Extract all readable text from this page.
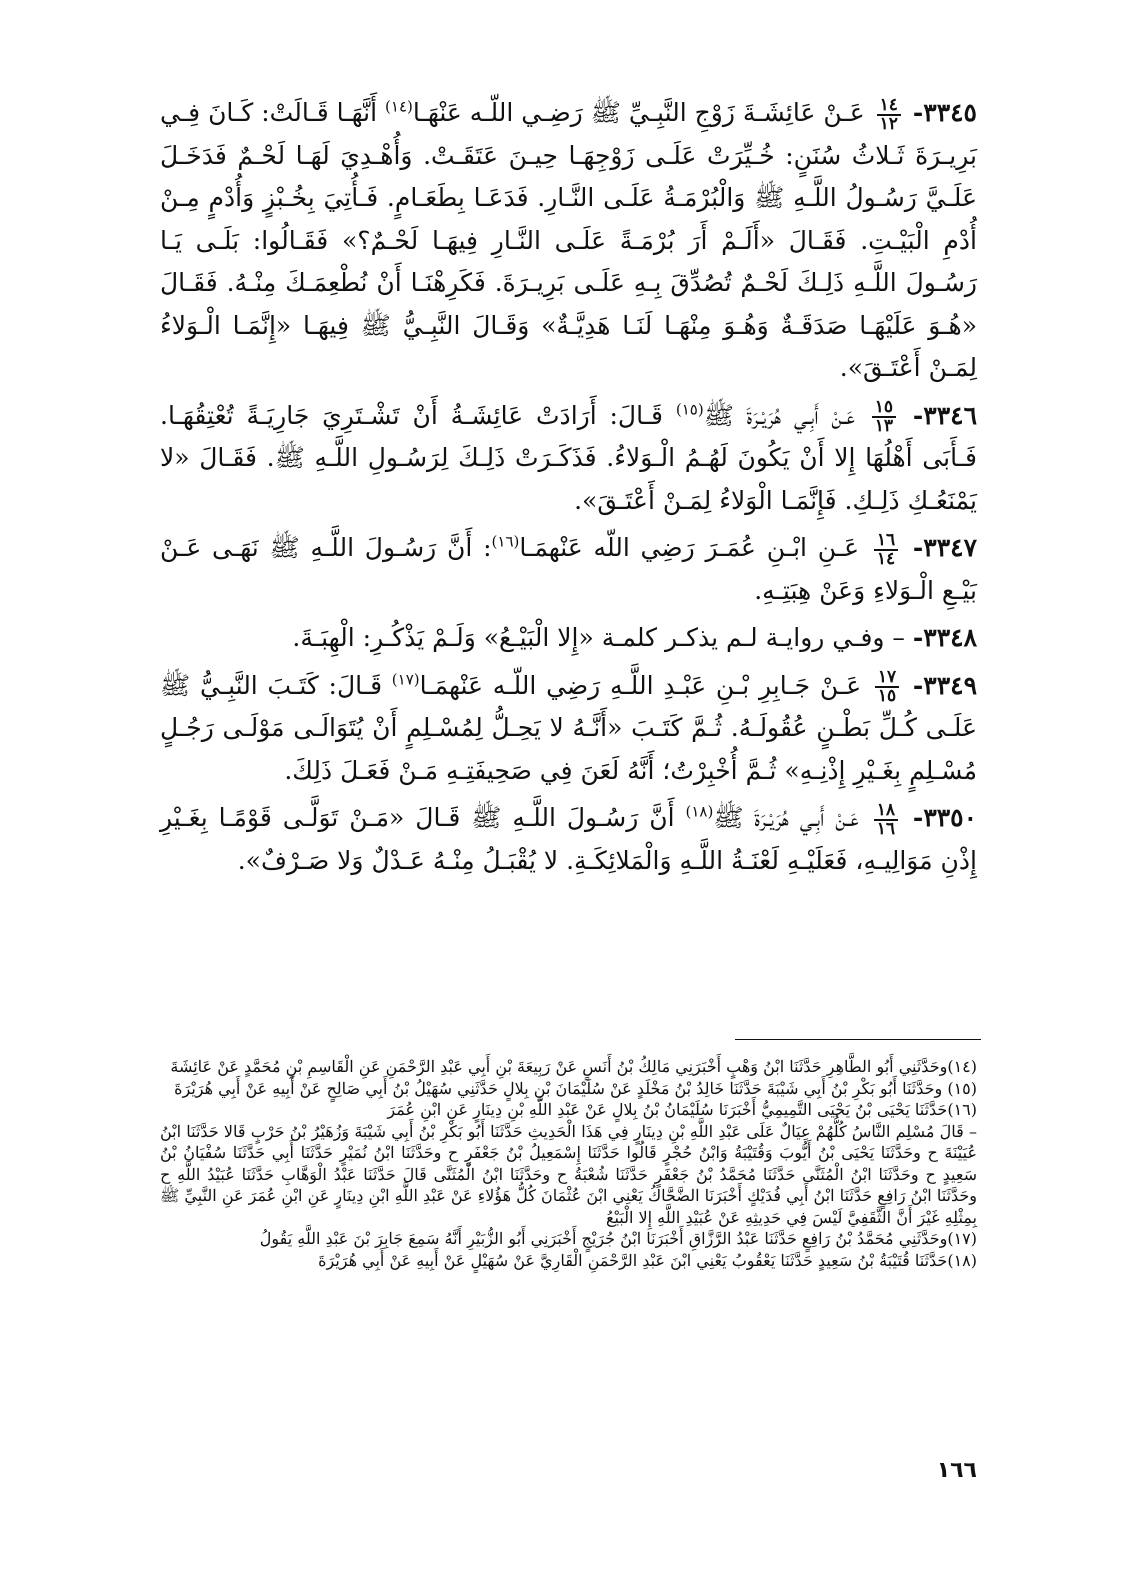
٣٣٤٥-
$\frac{١٤}{١٢}$
عَـنْ عَائِشَـةَ زَوْجِ النَّبِـيِّ ﷺ رَضِـي اللّـه عَنْهَـا$^{(١٤)}$ أَنَّهَـا قَـالَتْ: كَـانَ فِـي بَرِيـرَةَ ثَـلاثُ سُنَنٍ: خُـيِّرَتْ عَلَـى زَوْجِهَـا حِيـنَ عَتَقَـتْ. وَأُهْـدِيَ لَهَـا لَحْـمٌ فَدَخَـلَ عَلَـيَّ رَسُـولُ اللَّـهِ ﷺ وَالْبُرْمَـةُ عَلَـى النَّـارِ. فَدَعَـا بِطَعَـامٍ. فَـأُتِيَ بِخُـبْزٍ وَأُدْمٍ مِـنْ أُدْمِ الْبَيْـتِ. فَقَـالَ «أَلَـمْ أَرَ بُرْمَـةً عَلَـى النَّـارِ فِيهَـا لَحْـمٌ؟» فَقَـالُوا: بَلَـى يَـا رَسُـولَ اللَّـهِ ذَلِـكَ لَحْـمٌ تُصُدِّقَ بِـهِ عَلَـى بَرِيـرَةَ. فَكَرِهْنَـا أَنْ نُطْعِمَـكَ مِنْـهُ. فَقَـالَ «هُـوَ عَلَيْهَـا صَدَقَـةٌ وَهُـوَ مِنْهَـا لَنَـا هَدِيَّـةٌ» وَقَـالَ النَّبِـيُّ ﷺ فِيهَـا «إِنَّمَـا الْـوَلاءُ لِمَـنْ أَعْتَـقَ».

٣٣٤٦-
$\frac{١٥}{١٣}$
عَـنْ أَبِـي هُرَيْـرَةَ ﷺ$^{(١٥)}$ قَـالَ: أَرَادَتْ عَائِشَـةُ أَنْ تَشْـتَرِيَ جَارِيَـةً تُعْتِقُهَـا. فَـأَبَى أَهْلُهَا إِلا أَنْ يَكُونَ لَهُـمُ الْـوَلاءُ. فَذَكَـرَتْ ذَلِـكَ لِرَسُـولِ اللَّـهِ ﷺ. فَقَـالَ «لا يَمْنَعُـكِ ذَلِـكِ. فَإِنَّمَـا الْوَلاءُ لِمَـنْ أَعْتَـقَ».

٣٣٤٧-
$\frac{١٦}{١٤}$
عَـنِ ابْـنِ عُمَـرَ رَضِي اللّه عَنْهمَـا$^{(١٦)}$: أَنَّ رَسُـولَ اللَّـهِ ﷺ نَهَـى عَـنْ بَيْـعِ الْـوَلاءِ وَعَنْ هِبَتِـهِ.

٣٣٤٨- – وفـي روايـة لـم يذكـر كلمـة «إِلا الْبَيْـعُ» وَلَـمْ يَذْكُـرِ: الْهِبَـةَ.

٣٣٤٩-
$\frac{١٧}{١٥}$
عَـنْ جَـابِرِ بْـنِ عَبْـدِ اللَّـهِ رَضِي اللّـه عَنْهمَـا$^{(١٧)}$ قَـالَ: كَتَـبَ النَّبِـيُّ ﷺ عَلَـى كُـلِّ بَطْـنٍ عُقُولَـهُ. ثُـمَّ كَتَـبَ «أَنَّـهُ لا يَحِـلُّ لِمُسْـلِمٍ أَنْ يُتَوَالَـى مَوْلَـى رَجُـلٍ مُسْـلِمٍ بِغَـيْرِ إِذْنِـهِ» ثُـمَّ أُخْبِرْتُ؛ أَنَّهُ لَعَنَ فِي صَحِيفَتِـهِ مَـنْ فَعَـلَ ذَلِكَ.

٣٣٥٠-
$\frac{١٨}{١٦}$
عَـنْ أَبِـي هُرَيْـرَةَ ﷺ$^{(١٨)}$ أَنَّ رَسُـولَ اللَّـهِ ﷺ قَـالَ «مَـنْ تَوَلَّـى قَوْمًـا بِغَـيْرِ إِذْنِ مَوَالِيـهِ، فَعَلَيْـهِ لَعْنَـةُ اللَّـهِ وَالْمَلائِكَـةِ. لا يُقْبَـلُ مِنْـهُ عَـدْلٌ وَلا صَـرْفٌ».

(١٤)وحَدَّثَنِي أَبُو الطَّاهِرِ حَدَّثَنَا ابْنُ وَهْبٍ أَخْبَرَنِي مَالِكُ بْنُ أَنَسٍ عَنْ رَبِيعَةَ بْنِ أَبِي عَبْدِ الرَّحْمَنِ عَنِ الْقَاسِمِ بْنِ مُحَمَّدٍ عَنْ عَائِشَةَ

(١٥) وحَدَّثَنَا أَبُو بَكْرِ بْنُ أَبِي شَيْبَةَ حَدَّثَنَا خَالِدُ بْنُ مَخْلَدٍ عَنْ سُلَيْمَانَ بْنِ بِلالٍ حَدَّثَنِي سُهَيْلُ بْنُ أَبِي صَالِحٍ عَنْ أَبِيهِ عَنْ أَبِي هُرَيْرَةَ

(١٦)حَدَّثَنَا يَحْيَى بْنُ يَحْيَى التَّمِيمِيُّ أَخْبَرَنَا سُلَيْمَانُ بْنُ بِلالٍ عَنْ عَبْدِ اللَّهِ بْنِ دِينَارٍ عَنِ ابْنِ عُمَرَ

– قَالَ مُسْلِم النَّاسُ كُلُّهُمْ عِيَالٌ عَلَى عَبْدِ اللَّهِ بْنِ دِينَارٍ فِي هَذَا الْحَدِيثِ حَدَّثَنَا أَبُو بَكْرِ بْنُ أَبِي شَيْبَةَ وَزُهَيْرُ بْنُ حَرْبٍ قَالا حَدَّثَنَا ابْنُ عُيَيْنَةَ ح وحَدَّثَنَا يَحْيَى بْنُ أَيُّوبَ وَقُتَيْبَةُ وَابْنُ حُجْرٍ قَالُوا حَدَّثَنَا إِسْمَعِيلُ بْنُ جَعْفَرٍ ح وحَدَّثَنَا ابْنُ نُمَيْرٍ حَدَّثَنَا أَبِي حَدَّثَنَا سُفْيَانُ بْنُ سَعِيدٍ ح وحَدَّثَنَا ابْنُ الْمُثَنَّى حَدَّثَنَا مُحَمَّدُ بْنُ جَعْفَرٍ حَدَّثَنَا شُعْبَةُ ح وحَدَّثَنَا ابْنُ الْمُثَنَّى قَالَ حَدَّثَنَا عَبْدُ الْوَهَّابِ حَدَّثَنَا عُبَيْدُ اللَّهِ ح وحَدَّثَنَا ابْنُ رَافِعٍ حَدَّثَنَا ابْنُ أَبِي فُدَيْكٍ أَخْبَرَنَا الضَّحَّاكُ يَعْنِي ابْنَ عُثْمَانَ كُلُّ هَؤُلاءِ عَنْ عَبْدِ اللَّهِ ابْنِ دِينَارٍ عَنِ ابْنِ عُمَرَ عَنِ النَّبِيِّ ﷺ بِمِثْلِهِ غَيْرَ أَنَّ الثَّقَفِيَّ لَيْسَ فِي حَدِيثِهِ عَنْ عُبَيْدِ اللَّهِ إِلا الْبَيْعُ

(١٧)وحَدَّثَنِي مُحَمَّدُ بْنُ رَافِعٍ حَدَّثَنَا عَبْدُ الرَّزَّاقِ أَخْبَرَنَا ابْنُ جُرَيْجٍ أَخْبَرَنِي أَبُو الزُّبَيْرِ أَنَّهُ سَمِعَ جَابِرَ بْنَ عَبْدِ اللَّهِ يَقُولُ

(١٨)حَدَّثَنَا قُتَيْبَةُ بْنُ سَعِيدٍ حَدَّثَنَا يَعْقُوبُ يَعْنِي ابْنَ عَبْدِ الرَّحْمَنِ الْقَارِيَّ عَنْ سُهَيْلٍ عَنْ أَبِيهِ عَنْ أَبِي هُرَيْرَةَ

١٦٦
